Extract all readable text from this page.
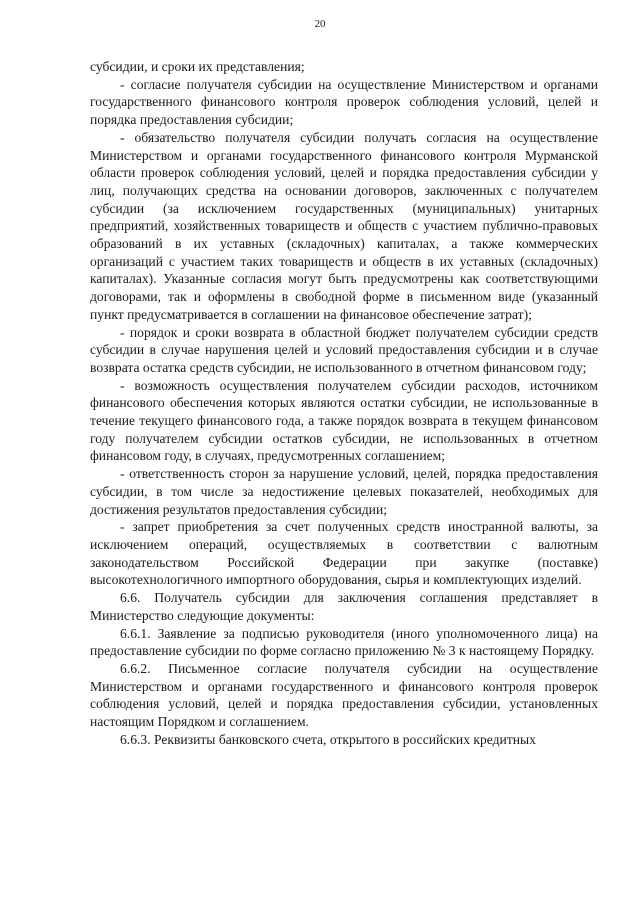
20

субсидии, и сроки их представления;

- согласие получателя субсидии на осуществление Министерством и органами государственного финансового контроля проверок соблюдения условий, целей и порядка предоставления субсидии;

- обязательство получателя субсидии получать согласия на осуществление Министерством и органами государственного финансового контроля Мурманской области проверок соблюдения условий, целей и порядка предоставления субсидии у лиц, получающих средства на основании договоров, заключенных с получателем субсидии (за исключением государственных (муниципальных) унитарных предприятий, хозяйственных товариществ и обществ с участием публично-правовых образований в их уставных (складочных) капиталах, а также коммерческих организаций с участием таких товариществ и обществ в их уставных (складочных) капиталах). Указанные согласия могут быть предусмотрены как соответствующими договорами, так и оформлены в свободной форме в письменном виде (указанный пункт предусматривается в соглашении на финансовое обеспечение затрат);

- порядок и сроки возврата в областной бюджет получателем субсидии средств субсидии в случае нарушения целей и условий предоставления субсидии и в случае возврата остатка средств субсидии, не использованного в отчетном финансовом году;

- возможность осуществления получателем субсидии расходов, источником финансового обеспечения которых являются остатки субсидии, не использованные в течение текущего финансового года, а также порядок возврата в текущем финансовом году получателем субсидии остатков субсидии, не использованных в отчетном финансовом году, в случаях, предусмотренных соглашением;

- ответственность сторон за нарушение условий, целей, порядка предоставления субсидии, в том числе за недостижение целевых показателей, необходимых для достижения результатов предоставления субсидии;

- запрет приобретения за счет полученных средств иностранной валюты, за исключением операций, осуществляемых в соответствии с валютным законодательством Российской Федерации при закупке (поставке) высокотехнологичного импортного оборудования, сырья и комплектующих изделий.

6.6. Получатель субсидии для заключения соглашения представляет в Министерство следующие документы:

6.6.1. Заявление за подписью руководителя (иного уполномоченного лица) на предоставление субсидии по форме согласно приложению № 3 к настоящему Порядку.

6.6.2. Письменное согласие получателя субсидии на осуществление Министерством и органами государственного и финансового контроля проверок соблюдения условий, целей и порядка предоставления субсидии, установленных настоящим Порядком и соглашением.

6.6.3. Реквизиты банковского счета, открытого в российских кредитных
